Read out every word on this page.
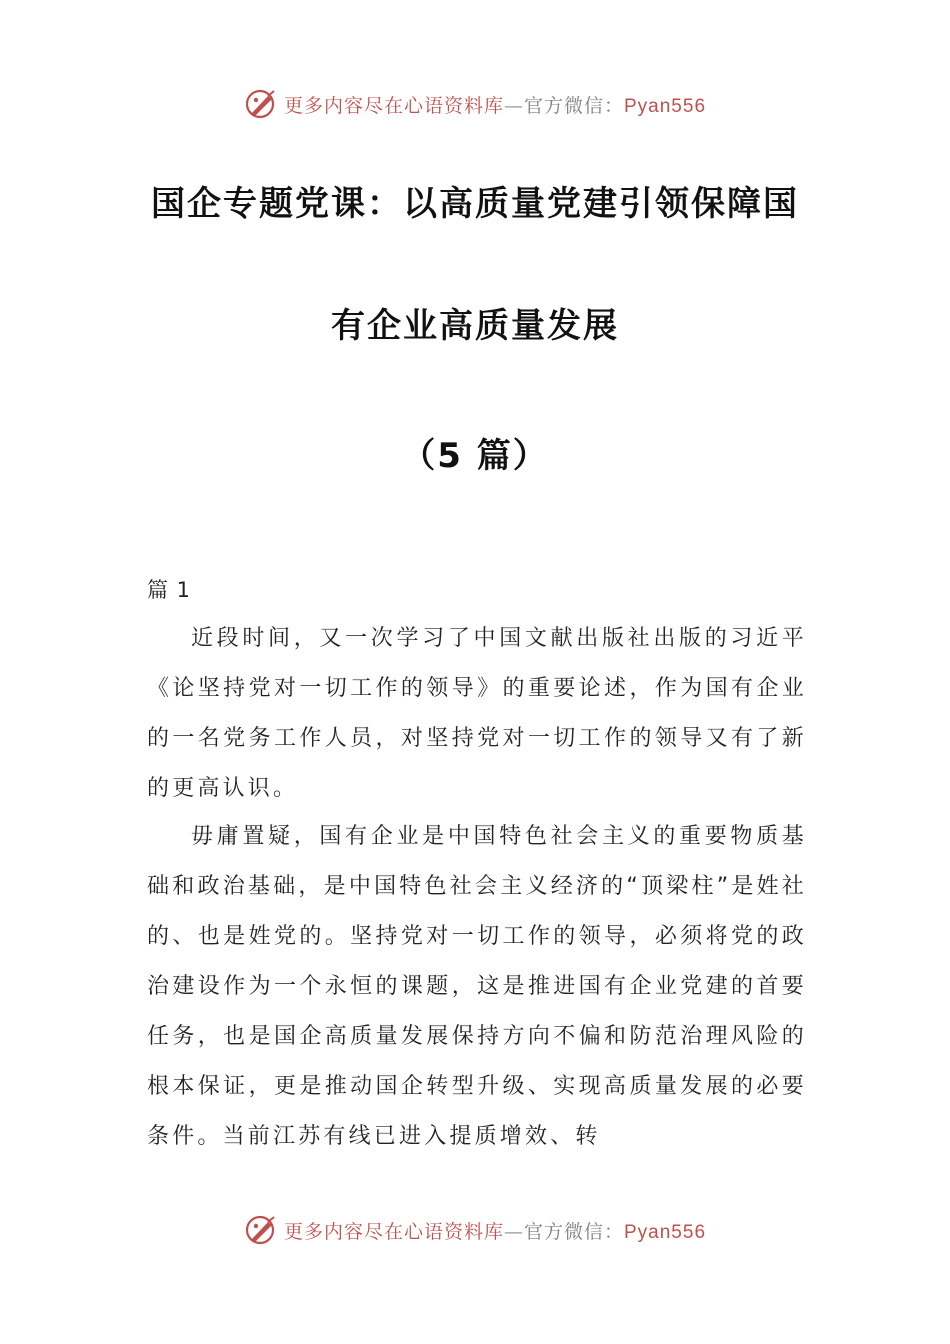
更多内容尽在心语资料库—官方微信：Pyan556
国企专题党课：以高质量党建引领保障国
有企业高质量发展
（5 篇）
篇 1

近段时间，又一次学习了中国文献出版社出版的习近平《论坚持党对一切工作的领导》的重要论述，作为国有企业的一名党务工作人员，对坚持党对一切工作的领导又有了新的更高认识。

毋庸置疑，国有企业是中国特色社会主义的重要物质基础和政治基础，是中国特色社会主义经济的“顶梁柱”是姓社的、也是姓党的。坚持党对一切工作的领导，必须将党的政治建设作为一个永恒的课题，这是推进国有企业党建的首要任务，也是国企高质量发展保持方向不偏和防范治理风险的根本保证，更是推动国企转型升级、实现高质量发展的必要条件。当前江苏有线已进入提质增效、转

更多内容尽在心语资料库—官方微信：Pyan556
